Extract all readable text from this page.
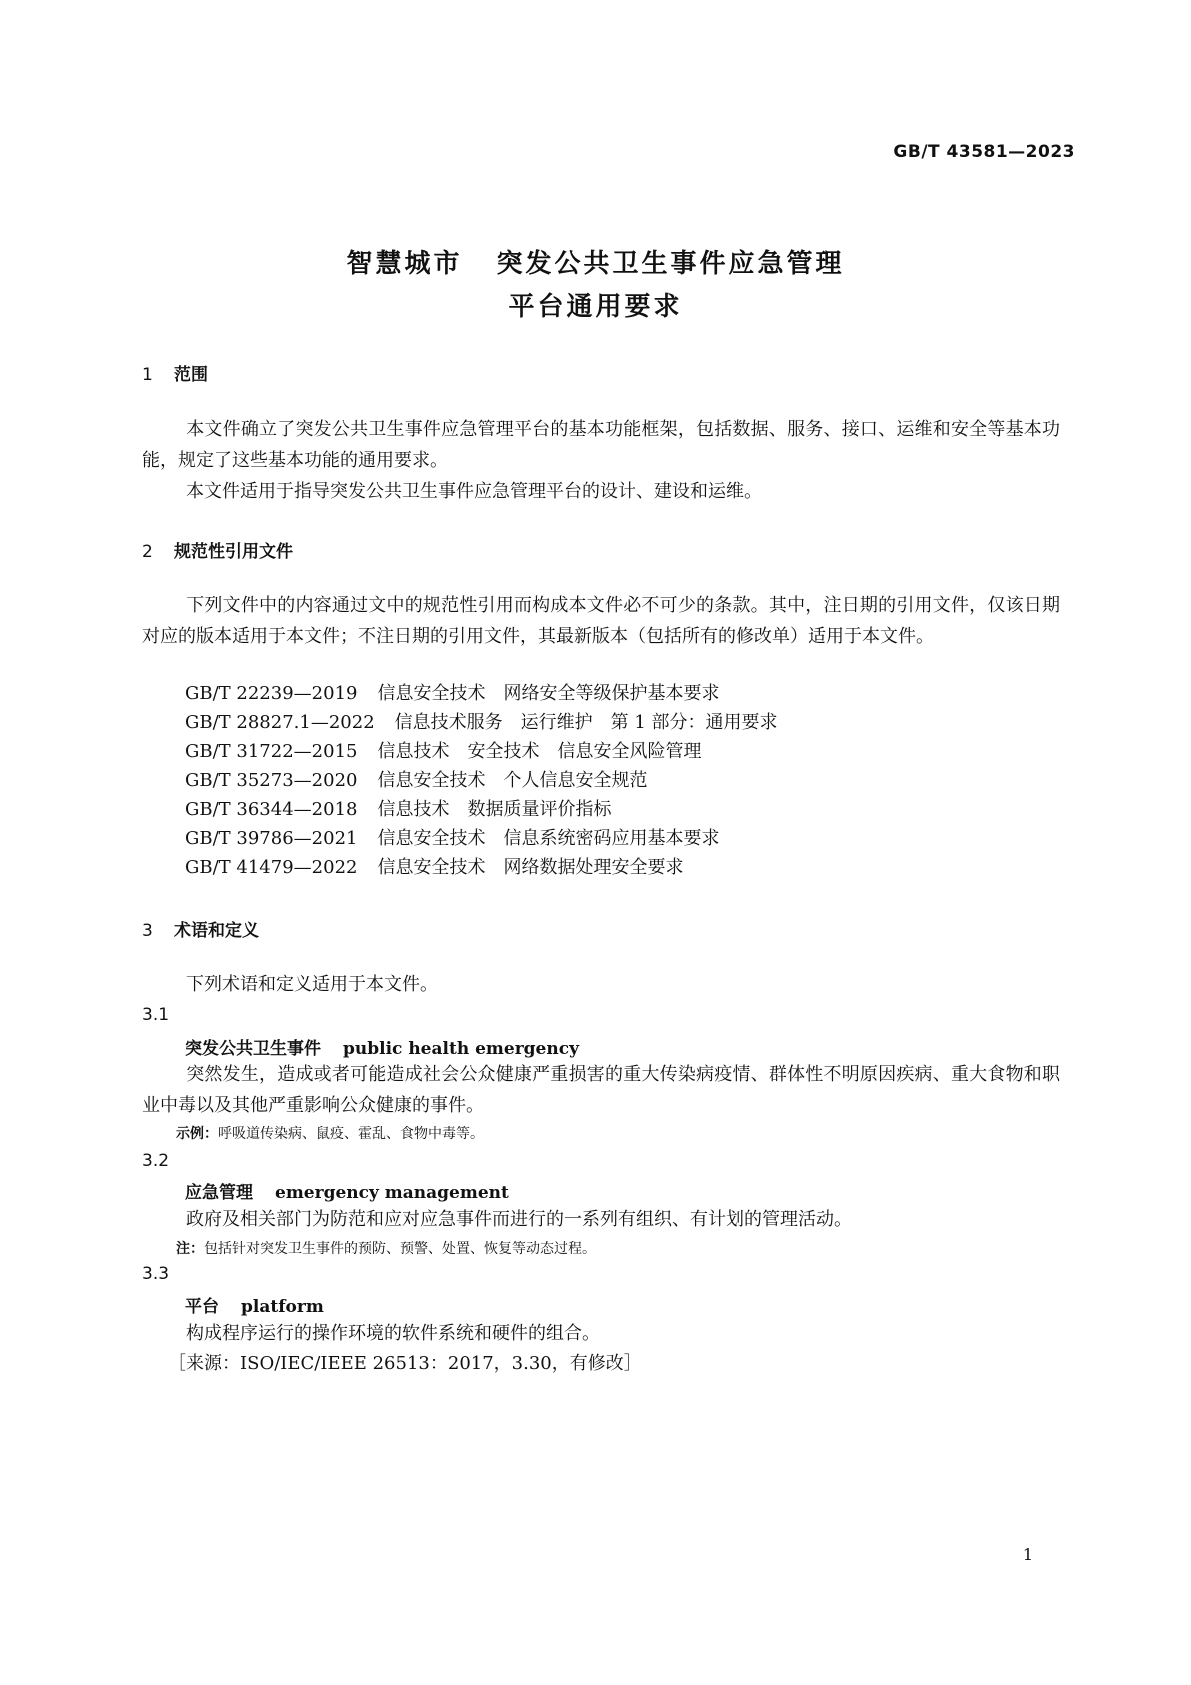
GB/T 43581—2023
智慧城市 突发公共卫生事件应急管理
平台通用要求
1 范围
本文件确立了突发公共卫生事件应急管理平台的基本功能框架，包括数据、服务、接口、运维和安全等基本功能，规定了这些基本功能的通用要求。
本文件适用于指导突发公共卫生事件应急管理平台的设计、建设和运维。
2 规范性引用文件
下列文件中的内容通过文中的规范性引用而构成本文件必不可少的条款。其中，注日期的引用文件，仅该日期对应的版本适用于本文件；不注日期的引用文件，其最新版本（包括所有的修改单）适用于本文件。
GB/T 22239—2019 信息安全技术　网络安全等级保护基本要求
GB/T 28827.1—2022 信息技术服务　运行维护　第 1 部分：通用要求
GB/T 31722—2015 信息技术　安全技术　信息安全风险管理
GB/T 35273—2020 信息安全技术　个人信息安全规范
GB/T 36344—2018 信息技术　数据质量评价指标
GB/T 39786—2021 信息安全技术　信息系统密码应用基本要求
GB/T 41479—2022 信息安全技术　网络数据处理安全要求
3 术语和定义
下列术语和定义适用于本文件。
3.1
突发公共卫生事件 public health emergency
突然发生，造成或者可能造成社会公众健康严重损害的重大传染病疫情、群体性不明原因疾病、重大食物和职业中毒以及其他严重影响公众健康的事件。
示例：呼吸道传染病、鼠疫、霍乱、食物中毒等。
3.2
应急管理 emergency management
政府及相关部门为防范和应对应急事件而进行的一系列有组织、有计划的管理活动。
注：包括针对突发卫生事件的预防、预警、处置、恢复等动态过程。
3.3
平台 platform
构成程序运行的操作环境的软件系统和硬件的组合。
［来源：ISO/IEC/IEEE 26513：2017，3.30，有修改］
1
